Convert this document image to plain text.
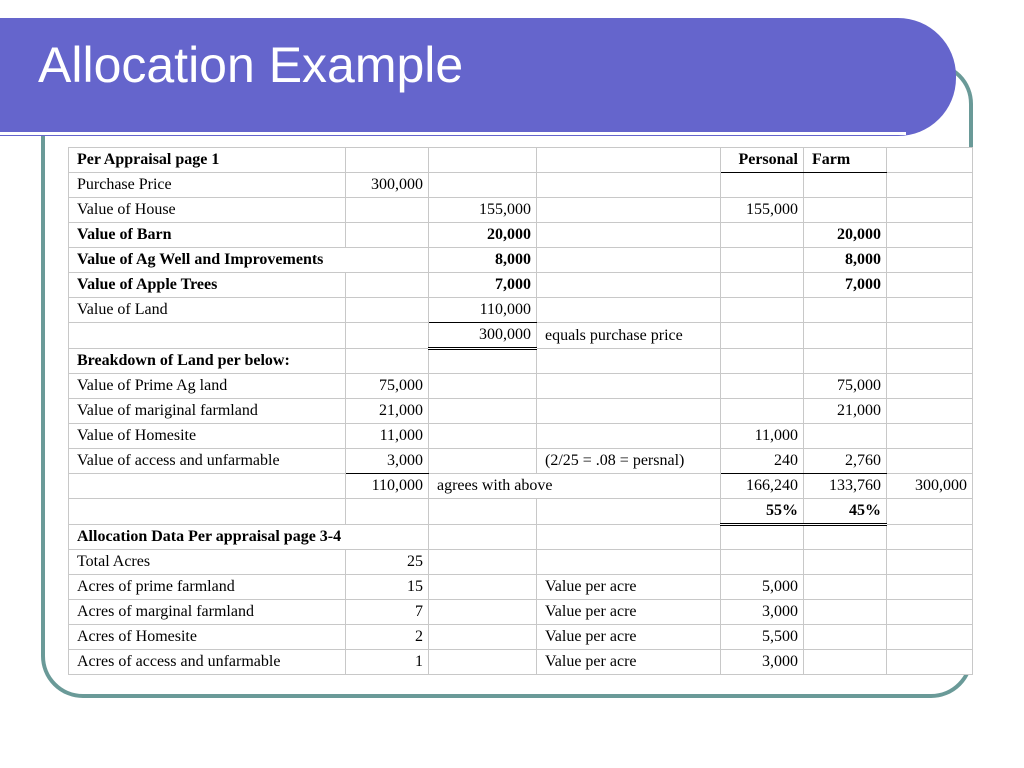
Allocation Example
Per Appraisal page 1				Personal	Farm	
Purchase Price	300,000					
Value of House		155,000		155,000		
Value of Barn		20,000			20,000	
Value of Ag Well and Improvements		8,000			8,000	
Value of Apple Trees		7,000			7,000	
Value of Land		110,000				
		300,000	equals purchase price			
Breakdown of Land per below:						
Value of Prime Ag land	75,000				75,000	
Value of mariginal farmland	21,000				21,000	
Value of Homesite	11,000			11,000		
Value of access and unfarmable	3,000		(2/25 = .08 = persnal)	240	2,760	
	110,000	agrees with above		166,240	133,760	300,000
				55%	45%	
Allocation Data Per appraisal page 3-4						
Total Acres	25					
Acres of prime farmland	15		Value per acre	5,000		
Acres of marginal farmland	7		Value per acre	3,000		
Acres of Homesite	2		Value per acre	5,500		
Acres of access and unfarmable	1		Value per acre	3,000		
